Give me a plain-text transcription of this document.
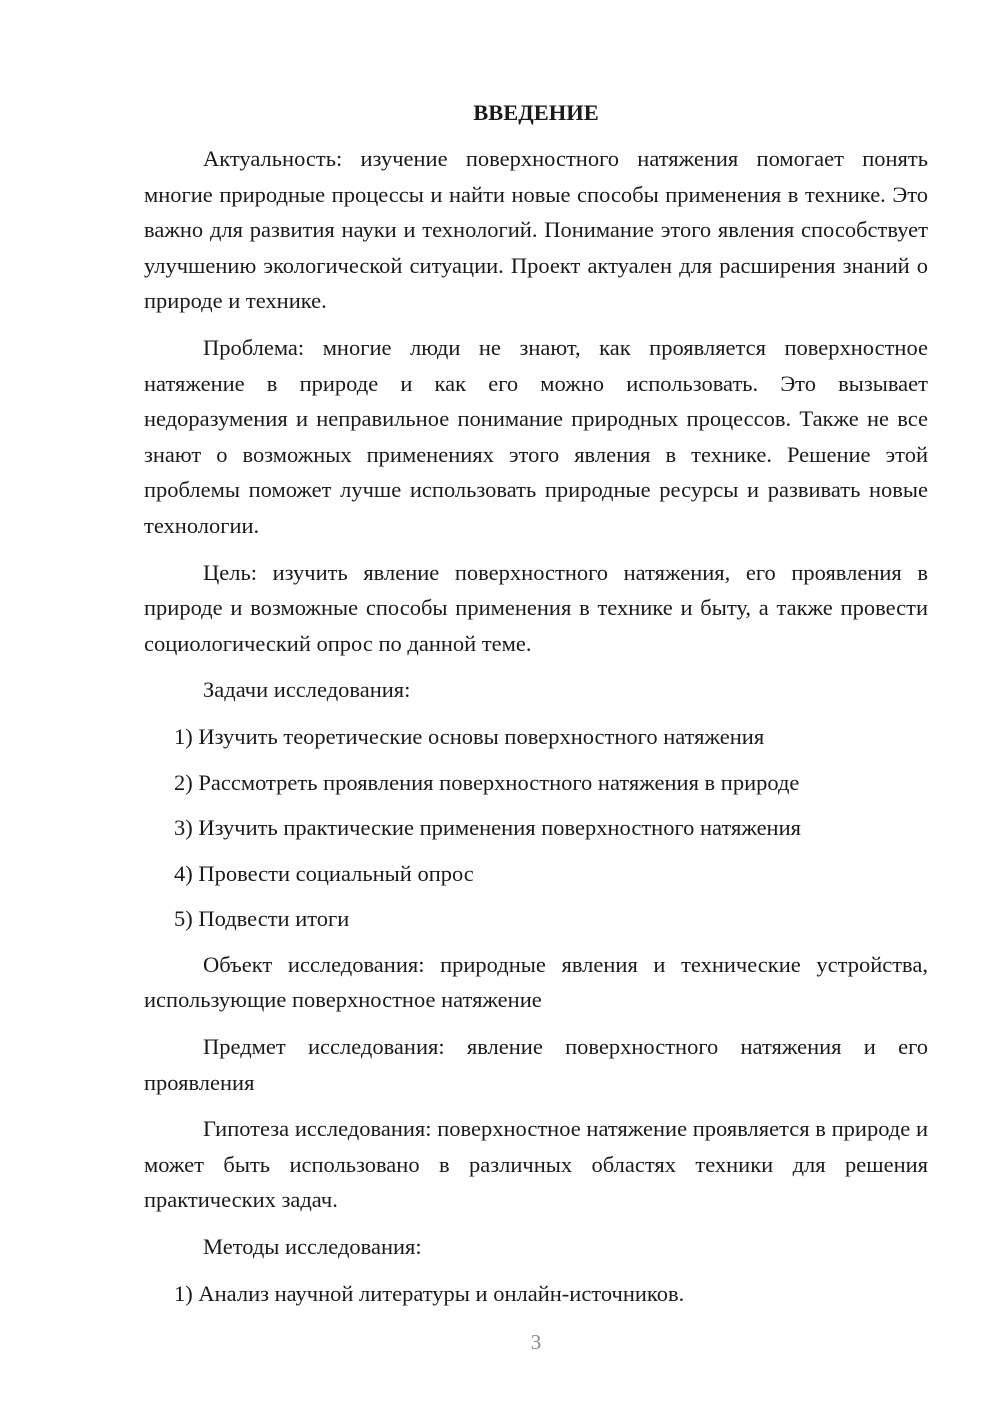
ВВЕДЕНИЕ

Актуальность: изучение поверхностного натяжения помогает понять многие природные процессы и найти новые способы применения в технике. Это важно для развития науки и технологий. Понимание этого явления способствует улучшению экологической ситуации. Проект актуален для расширения знаний о природе и технике.

Проблема: многие люди не знают, как проявляется поверхностное натяжение в природе и как его можно использовать. Это вызывает недоразумения и неправильное понимание природных процессов. Также не все знают о возможных применениях этого явления в технике. Решение этой проблемы поможет лучше использовать природные ресурсы и развивать новые технологии.

Цель: изучить явление поверхностного натяжения, его проявления в природе и возможные способы применения в технике и быту, а также провести социологический опрос по данной теме.

Задачи исследования:

1) Изучить теоретические основы поверхностного натяжения
2) Рассмотреть проявления поверхностного натяжения в природе
3) Изучить практические применения поверхностного натяжения
4) Провести социальный опрос
5) Подвести итоги

Объект исследования: природные явления и технические устройства, использующие поверхностное натяжение

Предмет исследования: явление поверхностного натяжения и его проявления

Гипотеза исследования: поверхностное натяжение проявляется в природе и может быть использовано в различных областях техники для решения практических задач.

Методы исследования:

1) Анализ научной литературы и онлайн-источников.
3
